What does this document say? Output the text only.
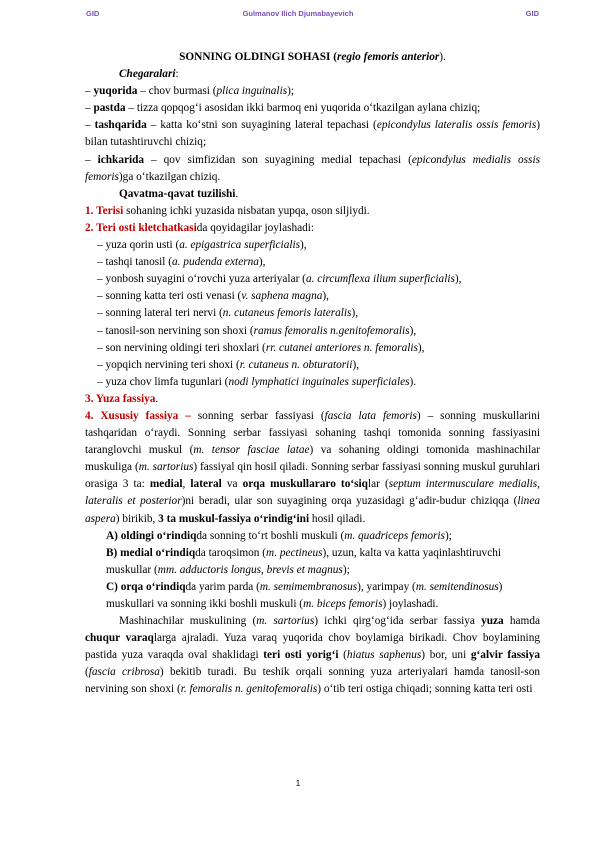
GID	Gulmanov Ilich Djumabayevich	GID

SONNING OLDINGI SOHASI (regio femoris anterior).

Chegaralari:

– yuqorida – chov burmasi (plica inguinalis);

– pastda – tizza qopqog‘i asosidan ikki barmoq eni yuqorida o‘tkazilgan aylana chiziq;

– tashqarida – katta ko‘stni son suyagining lateral tepachasi (epicondylus lateralis ossis femoris) bilan tutashtiruvchi chiziq;

– ichkarida – qov simfizidan son suyagining medial tepachasi (epicondylus medialis ossis femoris)ga o‘tkazilgan chiziq.

Qavatma-qavat tuzilishi.

1. Terisi sohaning ichki yuzasida nisbatan yupqa, oson siljiydi.

2. Teri osti kletchatkasida qoyidagilar joylashadi:

– yuza qorin usti (a. epigastrica superficialis),

– tashqi tanosil (a. pudenda externa),

– yonbosh suyagini o‘rovchi yuza arteriyalar (a. circumflexa ilium superficialis),

– sonning katta teri osti venasi (v. saphena magna),

– sonning lateral teri nervi (n. cutaneus femoris lateralis),

– tanosil-son nervining son shoxi (ramus femoralis n.genitofemoralis),

– son nervining oldingi teri shoxlari (rr. cutanei anteriores n. femoralis),

– yopqich nervining teri shoxi (r. cutaneus n. obturatorii),

– yuza chov limfa tugunlari (nodi lymphatici inguinales superficiales).

3. Yuza fassiya.

4. Xususiy fassiya – sonning serbar fassiyasi (fascia lata femoris) – sonning muskullarini tashqaridan o‘raydi. Sonning serbar fassiyasi sohaning tashqi tomonida sonning fassiyasini taranglovchi muskul (m. tensor fasciae latae) va sohaning oldingi tomonida mashinachilar muskuliga (m. sartorius) fassiyal qin hosil qiladi. Sonning serbar fassiyasi sonning muskul guruhlari orasiga 3 ta: medial, lateral va orqa muskullararo to‘siqlar (septum intermusculare medialis, lateralis et posterior)ni beradi, ular son suyagining orqa yuzasidagi g‘adir-budur chiziqqa (linea aspera) birikib, 3 ta muskul-fassiya o‘rindig‘ini hosil qiladi.

A) oldingi o‘rindiqda sonning to‘rt boshli muskuli (m. quadriceps femoris);

B) medial o‘rindiqda taroqsimon (m. pectineus), uzun, kalta va katta yaqinlashtiruvchi muskullar (mm. adductoris longus, brevis et magnus);

C) orqa o‘rindiqda yarim parda (m. semimembranosus), yarimpay (m. semitendinosus) muskullari va sonning ikki boshli muskuli (m. biceps femoris) joylashadi.

Mashinachilar muskulining (m. sartorius) ichki qirg‘og‘ida serbar fassiya yuza hamda chuqur varaqlarga ajraladi. Yuza varaq yuqorida chov boylamiga birikadi. Chov boylamining pastida yuza varaqda oval shaklidagi teri osti yorig‘i (hiatus saphenus) bor, uni g‘alvir fassiya (fascia cribrosa) bekitib turadi. Bu teshik orqali sonning yuza arteriyalari hamda tanosil-son nervining son shoxi (r. femoralis n. genitofemoralis) o‘tib teri ostiga chiqadi; sonning katta teri osti

1
